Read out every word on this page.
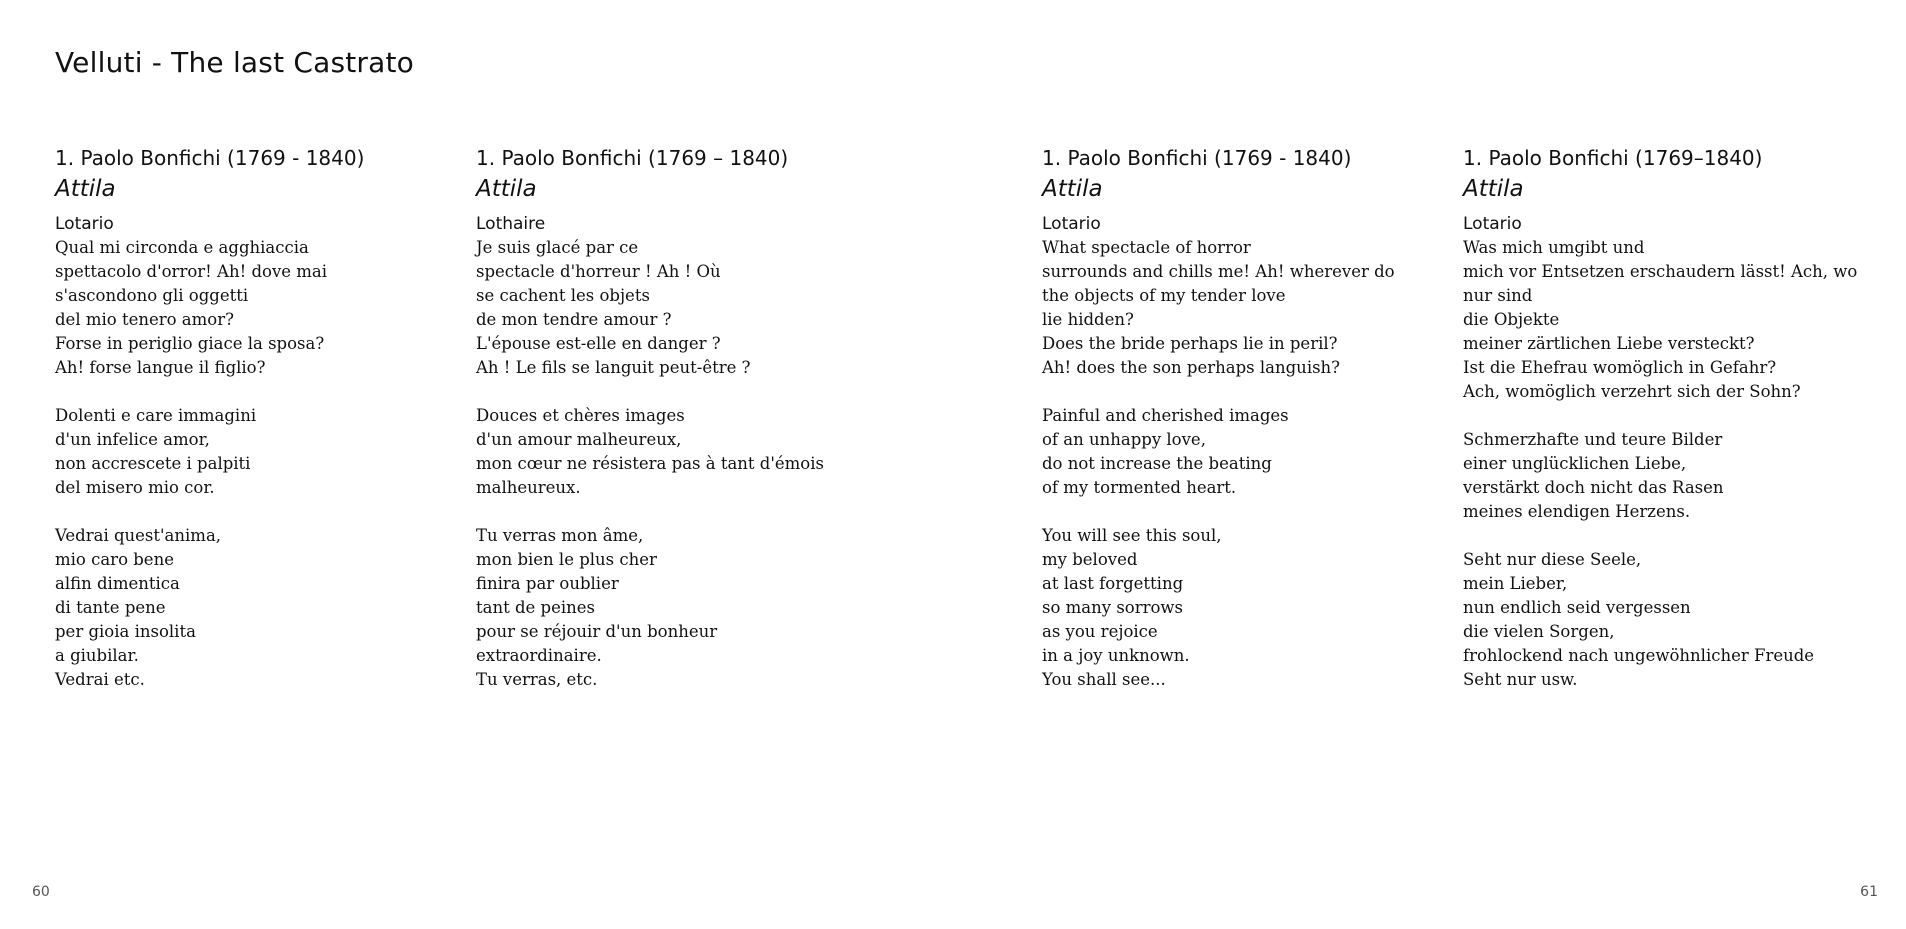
Velluti - The last Castrato
1. Paolo Bonfichi (1769 - 1840)
Attila
Lotario
Qual mi circonda e agghiaccia
spettacolo d'orror! Ah! dove mai
s'ascondono gli oggetti
del mio tenero amor?
Forse in periglio giace la sposa?
Ah! forse langue il figlio?
Dolenti e care immagini
d'un infelice amor,
non accrescete i palpiti
del misero mio cor.
Vedrai quest'anima,
mio caro bene
alfin dimentica
di tante pene
per gioia insolita
a giubilar.
Vedrai etc.
1. Paolo Bonfichi (1769 – 1840)
Attila
Lothaire
Je suis glacé par ce
spectacle d'horreur ! Ah ! Où
se cachent les objets
de mon tendre amour ?
L'épouse est-elle en danger ?
Ah ! Le fils se languit peut-être ?
Douces et chères images
d'un amour malheureux,
mon cœur ne résistera pas à tant d'émois
malheureux.
Tu verras mon âme,
mon bien le plus cher
finira par oublier
tant de peines
pour se réjouir d'un bonheur
extraordinaire.
Tu verras, etc.
1. Paolo Bonfichi (1769 - 1840)
Attila
Lotario
What spectacle of horror
surrounds and chills me! Ah! wherever do
the objects of my tender love
lie hidden?
Does the bride perhaps lie in peril?
Ah! does the son perhaps languish?
Painful and cherished images
of an unhappy love,
do not increase the beating
of my tormented heart.
You will see this soul,
my beloved
at last forgetting
so many sorrows
as you rejoice
in a joy unknown.
You shall see...
1. Paolo Bonfichi (1769–1840)
Attila
Lotario
Was mich umgibt und
mich vor Entsetzen erschaudern lässt! Ach, wo
nur sind
die Objekte
meiner zärtlichen Liebe versteckt?
Ist die Ehefrau womöglich in Gefahr?
Ach, womöglich verzehrt sich der Sohn?
Schmerzhafte und teure Bilder
einer unglücklichen Liebe,
verstärkt doch nicht das Rasen
meines elendigen Herzens.
Seht nur diese Seele,
mein Lieber,
nun endlich seid vergessen
die vielen Sorgen,
frohlockend nach ungewöhnlicher Freude
Seht nur usw.
60	61
